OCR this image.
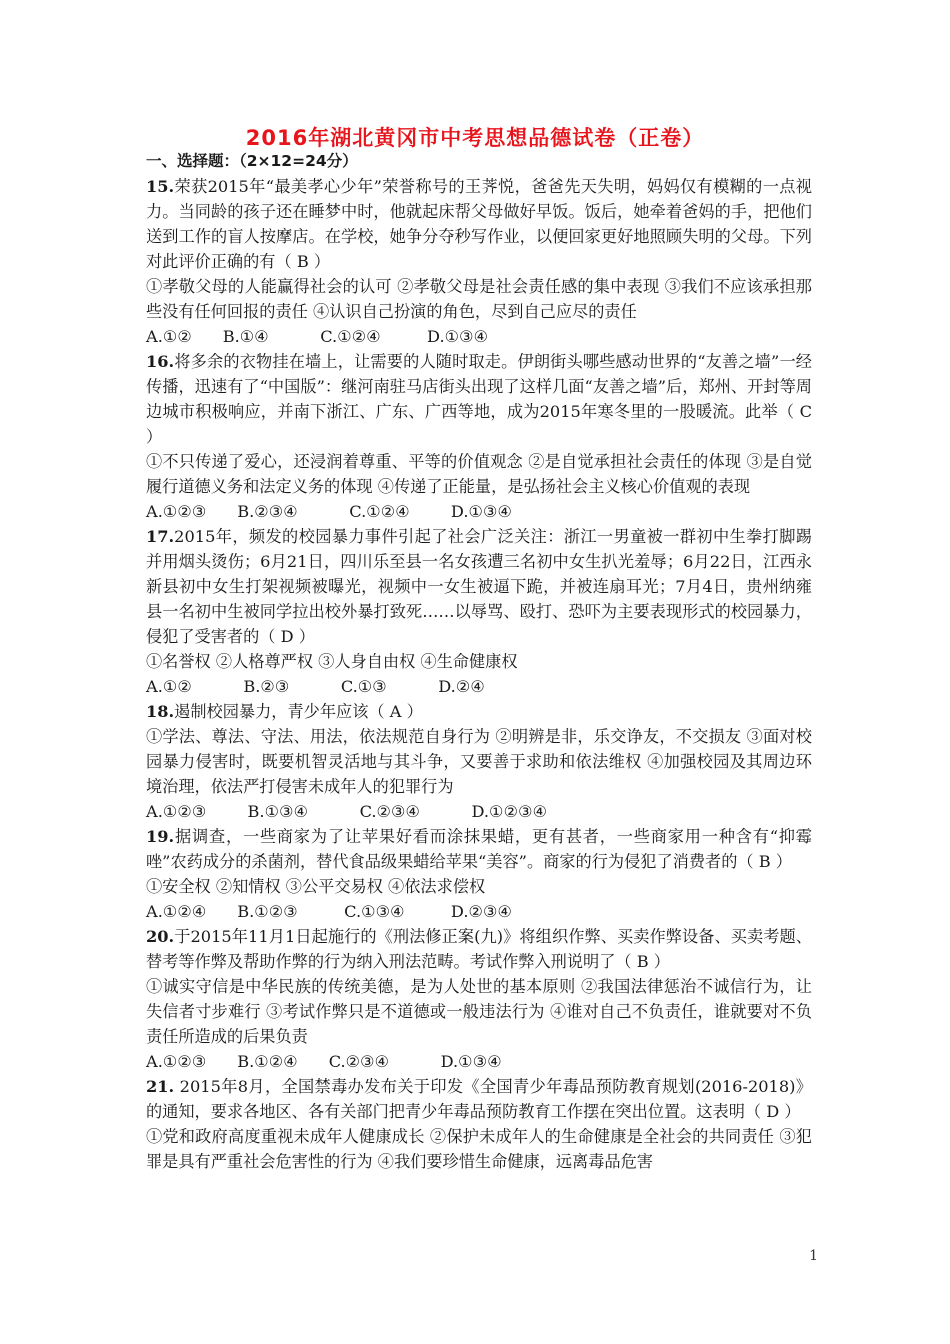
2016年湖北黄冈市中考思想品德试卷（正卷）
一、选择题：（2×12=24分）

15.荣获2015年“最美孝心少年”荣誉称号的王荠悦，爸爸先天失明，妈妈仅有模糊的一点视力。当同龄的孩子还在睡梦中时，他就起床帮父母做好早饭。饭后，她牵着爸妈的手，把他们送到工作的盲人按摩店。在学校，她争分夺秒写作业，以便回家更好地照顾失明的父母。下列对此评价正确的有（ B ）

①孝敬父母的人能赢得社会的认可 ②孝敬父母是社会责任感的集中表现 ③我们不应该承担那些没有任何回报的责任 ④认识自己扮演的角色，尽到自己应尽的责任

A.①②      B.①④          C.①②④         D.①③④

16.将多余的衣物挂在墙上，让需要的人随时取走。伊朗街头哪些感动世界的“友善之墙”一经传播，迅速有了“中国版”：继河南驻马店街头出现了这样几面“友善之墙”后，郑州、开封等周边城市积极响应，并南下浙江、广东、广西等地，成为2015年寒冬里的一股暖流。此举（ C ）

①不只传递了爱心，还浸润着尊重、平等的价值观念 ②是自觉承担社会责任的体现 ③是自觉履行道德义务和法定义务的体现 ④传递了正能量，是弘扬社会主义核心价值观的表现

A.①②③      B.②③④          C.①②④        D.①③④

17.2015年，频发的校园暴力事件引起了社会广泛关注：浙江一男童被一群初中生拳打脚踢并用烟头烫伤；6月21日，四川乐至县一名女孩遭三名初中女生扒光羞辱；6月22日，江西永新县初中女生打架视频被曝光，视频中一女生被逼下跪，并被连扇耳光；7月4日，贵州纳雍县一名初中生被同学拉出校外暴打致死……以辱骂、殴打、恐吓为主要表现形式的校园暴力，侵犯了受害者的（ D ）

①名誉权 ②人格尊严权 ③人身自由权 ④生命健康权

A.①②          B.②③          C.①③          D.②④

18.遏制校园暴力，青少年应该（ A ）

①学法、尊法、守法、用法，依法规范自身行为 ②明辨是非，乐交诤友，不交损友 ③面对校园暴力侵害时，既要机智灵活地与其斗争，又要善于求助和依法维权 ④加强校园及其周边环境治理，依法严打侵害未成年人的犯罪行为

A.①②③        B.①③④          C.②③④          D.①②③④

19.据调查，一些商家为了让苹果好看而涂抹果蜡，更有甚者，一些商家用一种含有“抑霉唑”农药成分的杀菌剂，替代食品级果蜡给苹果“美容”。商家的行为侵犯了消费者的（ B ）

①安全权 ②知情权 ③公平交易权 ④依法求偿权

A.①②④      B.①②③         C.①③④         D.②③④

20.于2015年11月1日起施行的《刑法修正案(九)》将组织作弊、买卖作弊设备、买卖考题、替考等作弊及帮助作弊的行为纳入刑法范畴。考试作弊入刑说明了（ B ）

①诚实守信是中华民族的传统美德，是为人处世的基本原则 ②我国法律惩治不诚信行为，让失信者寸步难行 ③考试作弊只是不道德或一般违法行为 ④谁对自己不负责任，谁就要对不负责任所造成的后果负责

A.①②③      B.①②④      C.②③④          D.①③④

21. 2015年8月，全国禁毒办发布关于印发《全国青少年毒品预防教育规划(2016-2018)》的通知，要求各地区、各有关部门把青少年毒品预防教育工作摆在突出位置。这表明（ D ）

①党和政府高度重视未成年人健康成长 ②保护未成年人的生命健康是全社会的共同责任 ③犯罪是具有严重社会危害性的行为 ④我们要珍惜生命健康，远离毒品危害

1
